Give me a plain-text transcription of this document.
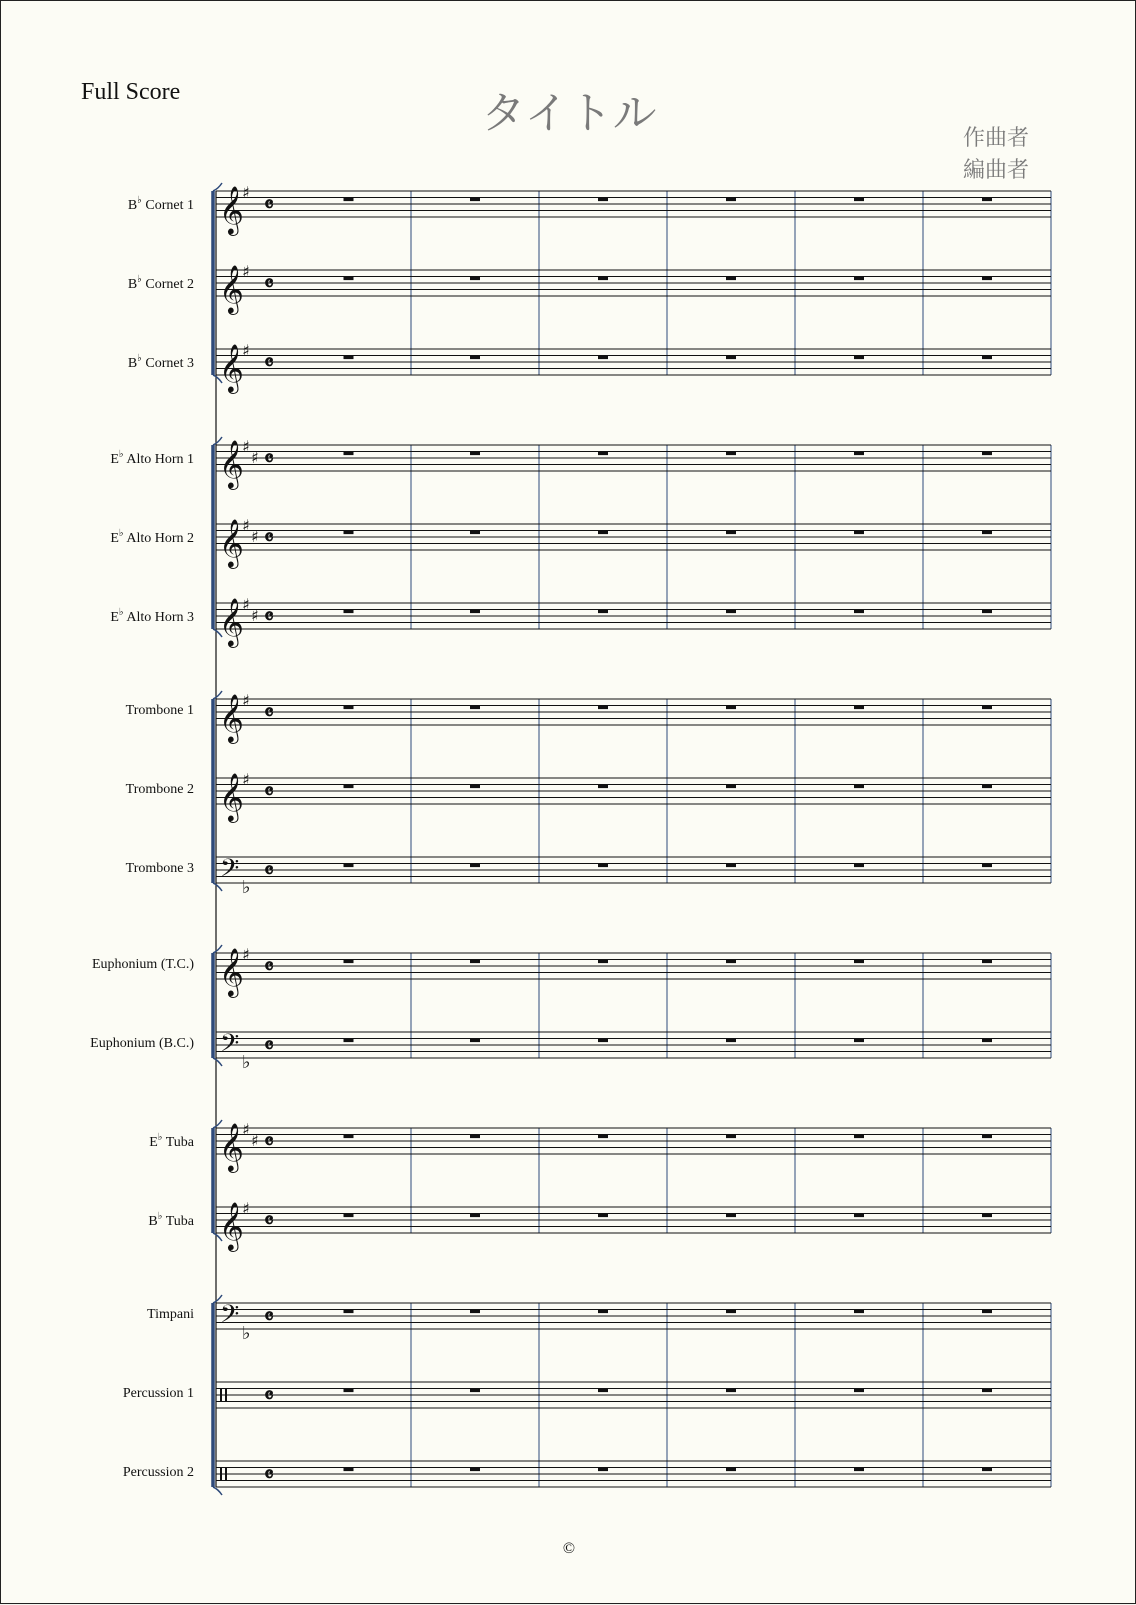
Full Score	タイトル	作曲者
編曲者
B♭ Cornet 1
B♭ Cornet 2
B♭ Cornet 3
E♭ Alto Horn 1
E♭ Alto Horn 2
E♭ Alto Horn 3
Trombone 1
Trombone 2
Trombone 3
Euphonium (T.C.)
Euphonium (B.C.)
E♭ Tuba
B♭ Tuba
Timpani
Percussion 1
Percussion 2
𝄞
♯ 𝄴
𝄞
♯ 𝄴
𝄞
♯ 𝄴
𝄞
♯
♯ 𝄴
𝄞
♯
♯ 𝄴
𝄞
♯
♯ 𝄴
𝄞
♯ 𝄴
𝄞
♯ 𝄴
𝄢 ♭
𝄴
𝄞
♯ 𝄴
𝄢 ♭
𝄴
𝄞
♯
♯ 𝄴
𝄞
♯ 𝄴
𝄢 ♭
𝄴
𝄴
𝄴
©
